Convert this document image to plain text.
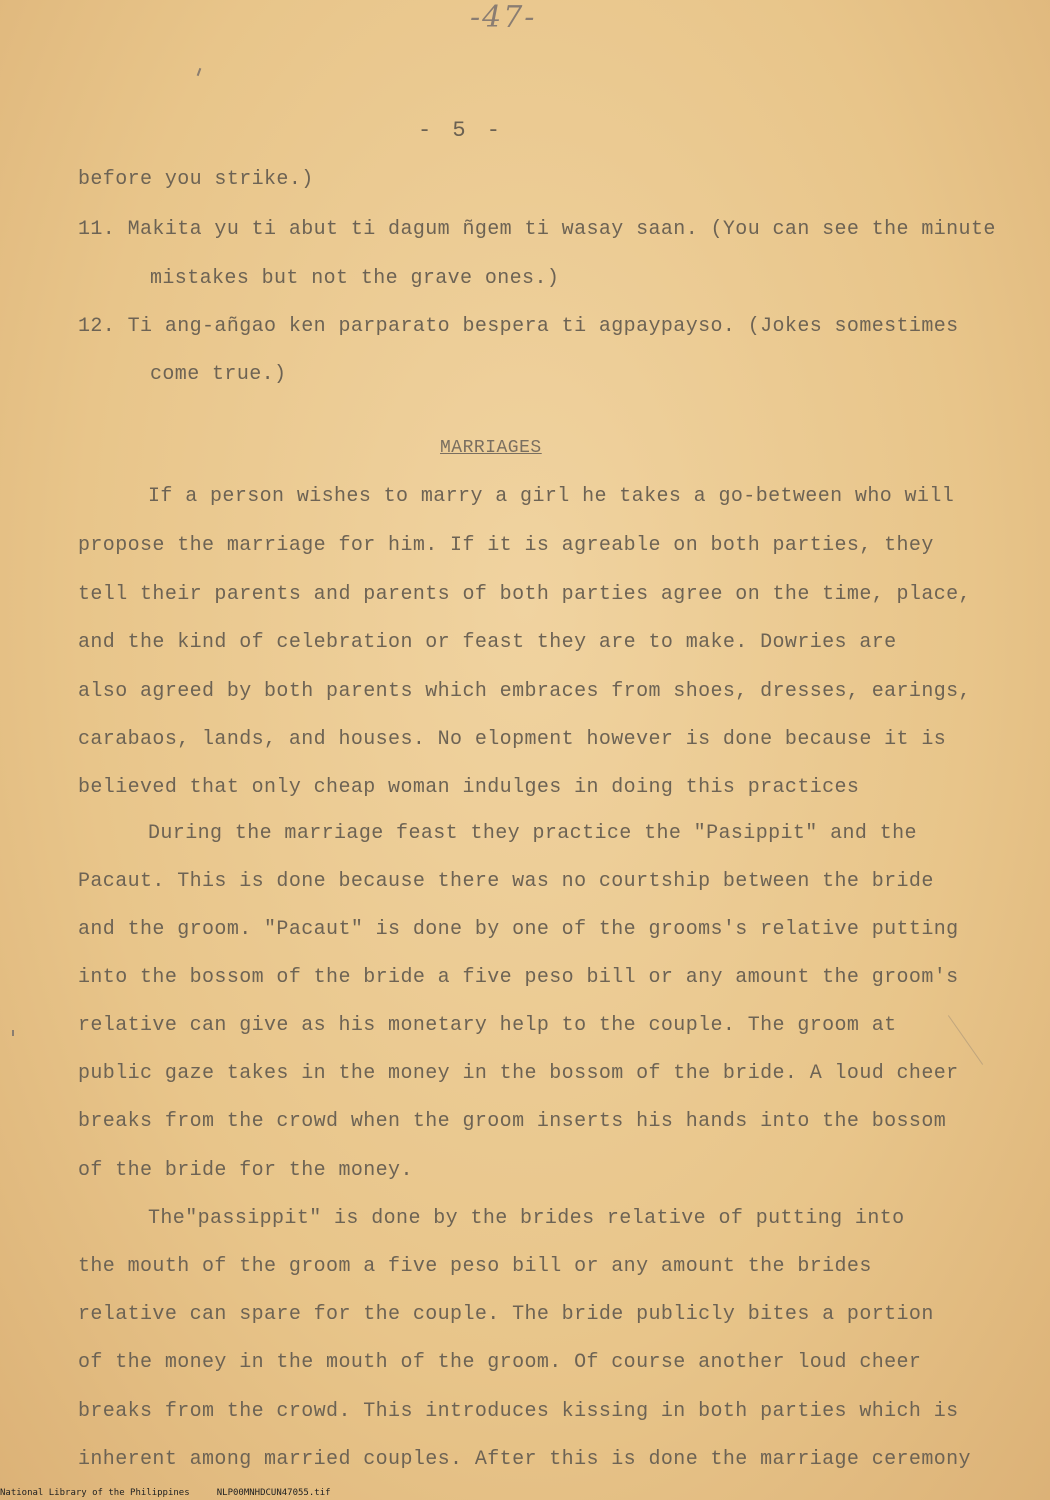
-47-
- 5 -
before you strike.)
11. Makita yu ti abut ti dagum ñgem ti wasay saan. (You can see the minute
mistakes but not the grave ones.)
12. Ti ang-añgao ken parparato bespera ti agpaypayso. (Jokes somestimes
come true.)
MARRIAGES
If a person wishes to marry a girl he takes a go-between who will
propose the marriage for him. If it is agreable on both parties, they
tell their parents and parents of both parties agree on the time, place,
and the kind of celebration or feast they are to make. Dowries are
also agreed by both parents which embraces from shoes, dresses, earings,
carabaos, lands, and houses. No elopment however is done because it is
believed that only cheap woman indulges in doing this practices
During the marriage feast they practice the "Pasippit" and the
Pacaut. This is done because there was no courtship between the bride
and the groom. "Pacaut" is done by one of the grooms's relative putting
into the bossom of the bride a five peso bill or any amount the groom's
relative can give as his monetary help to the couple. The groom at
public gaze takes in the money in the bossom of the bride. A loud cheer
breaks from the crowd when the groom inserts his hands into the bossom
of the bride for the money.
The"passippit" is done by the brides relative of putting into
the mouth of the groom a five peso bill or any amount the brides
relative can spare for the couple. The bride publicly bites a portion
of the money in the mouth of the groom. Of course another loud cheer
breaks from the crowd. This introduces kissing in both parties which is
inherent among married couples. After this is done the marriage ceremony
National Library of the Philippines     NLP00MNHDCUN47055.tif
